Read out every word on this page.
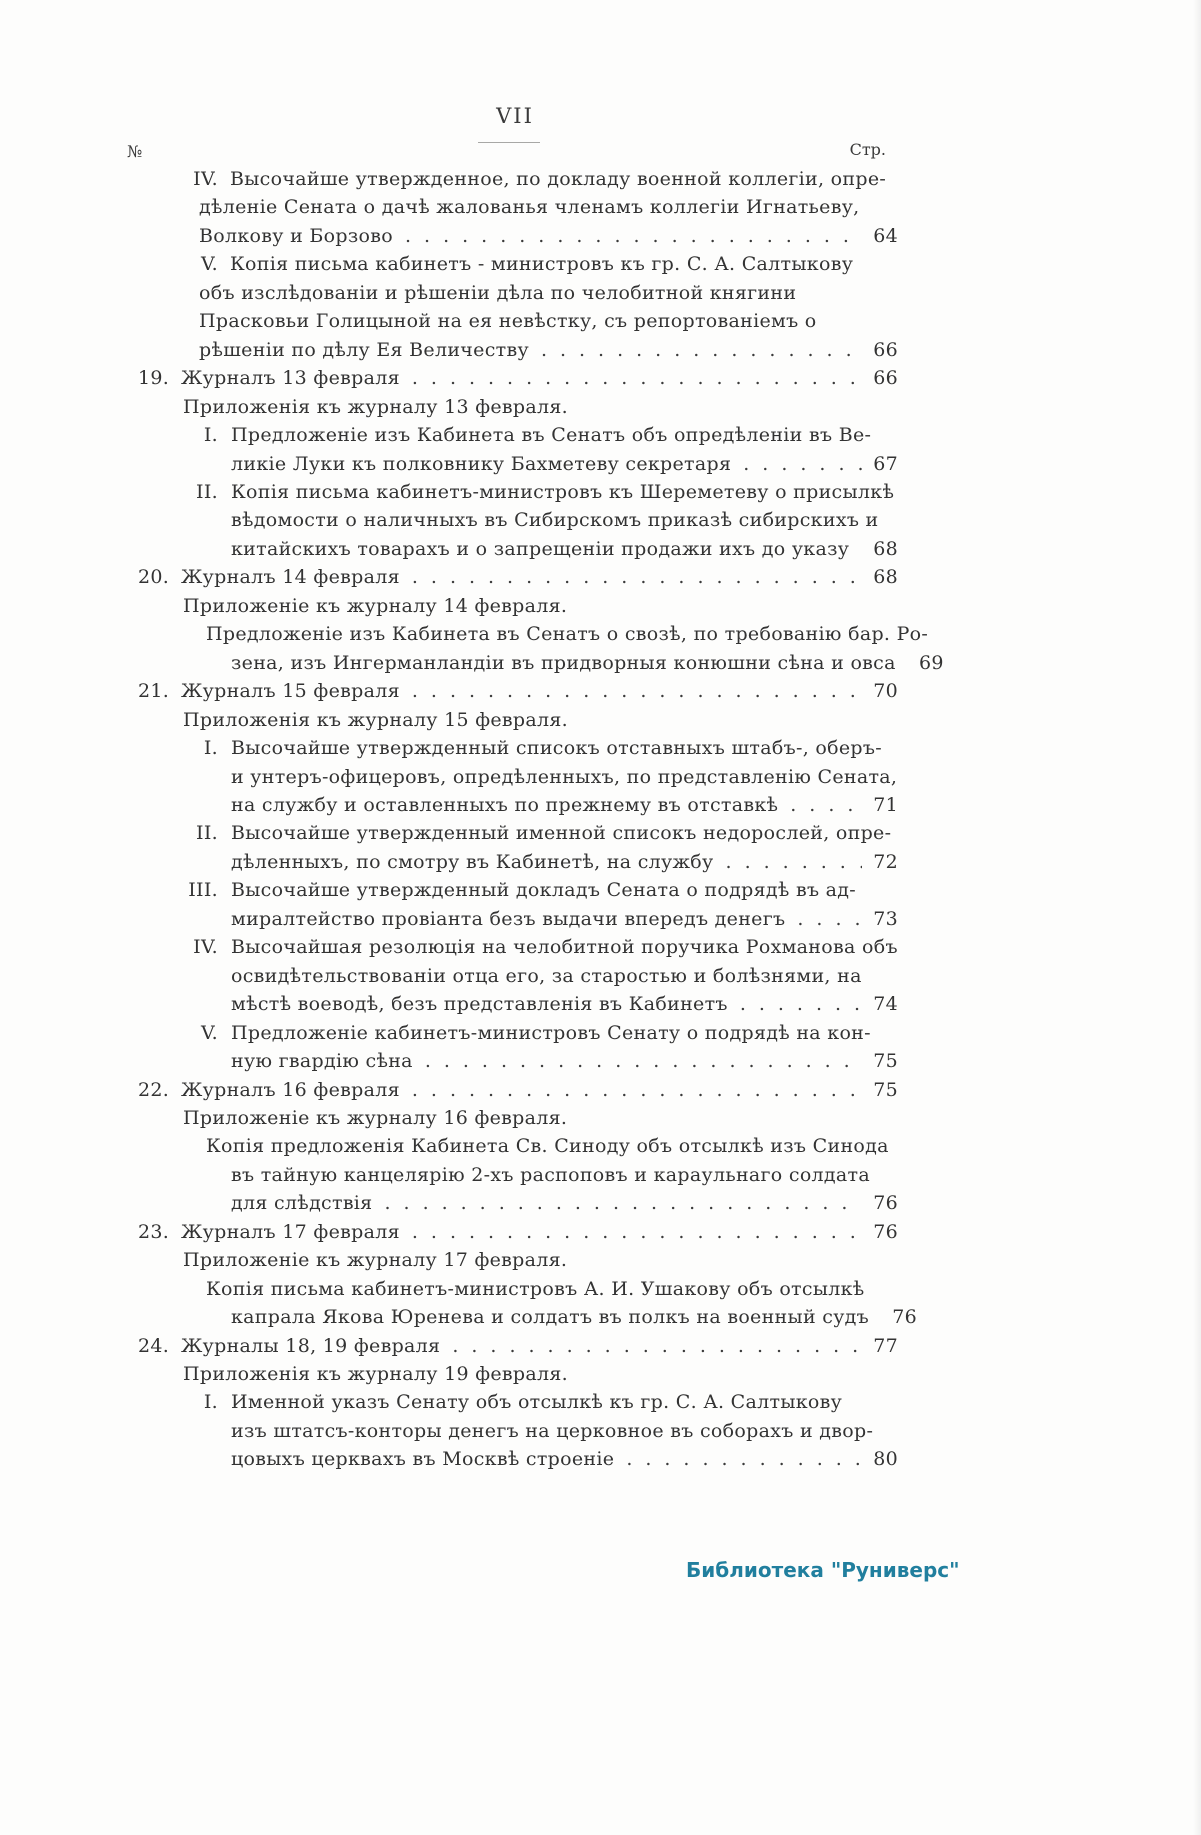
VII
№	Стр.
IV. Высочайше утвержденное, по докладу военной коллегіи, опре-
дѣленіе Сената о дачѣ жалованья членамъ коллегіи Игнатьеву,
Волкову и Борзово .....	64
V. Копія письма кабинетъ - министровъ къ гр. С. А. Салтыкову
объ изслѣдованіи и рѣшеніи дѣла по челобитной княгини
Прасковьи Голицыной на ея невѣстку, съ репортованіемъ о
рѣшеніи по дѣлу Ея Величеству .....	66
19. Журналъ 13 февраля .....	66
Приложенія къ журналу 13 февраля.
I. Предложеніе изъ Кабинета въ Сенатъ объ опредѣленіи въ Ве-
ликіе Луки къ полковнику Бахметеву секретаря .....	67
II. Копія письма кабинетъ-министровъ къ Шереметеву о присылкѣ
вѣдомости о наличныхъ въ Сибирскомъ приказѣ сибирскихъ и
китайскихъ товарахъ и о запрещеніи продажи ихъ до указу ..... 68
20. Журналъ 14 февраля .....	68
Приложеніе къ журналу 14 февраля.
Предложеніе изъ Кабинета въ Сенатъ о свозѣ, по требованію бар. Ро-
зена, изъ Ингерманландіи въ придворныя конюшни сѣна и овса 69
21. Журналъ 15 февраля .....	70
Приложенія къ журналу 15 февраля.
I. Высочайше утвержденный списокъ отставныхъ штабъ-, оберъ-
и унтеръ-офицеровъ, опредѣленныхъ, по представленію Сената,
на службу и оставленныхъ по прежнему въ отставкѣ .....	71
II. Высочайше утвержденный именной списокъ недорослей, опре-
дѣленныхъ, по смотру въ Кабинетѣ, на службу .....	72
III. Высочайше утвержденный докладъ Сената о подрядѣ въ ад-
миралтейство провіанта безъ выдачи впередъ денегъ .....	73
IV. Высочайшая резолюція на челобитной поручика Рохманова объ
освидѣтельствованіи отца его, за старостью и болѣзнями, на
мѣстѣ воеводѣ, безъ представленія въ Кабинетъ .....	74
V. Предложеніе кабинетъ-министровъ Сенату о подрядѣ на кон-
ную гвардію сѣна .....	75
22. Журналъ 16 февраля .....	75
Приложеніе къ журналу 16 февраля.
Копія предложенія Кабинета Св. Синоду объ отсылкѣ изъ Синода
въ тайную канцелярію 2-хъ распоповъ и караульнаго солдата
для слѣдствія .....	76
23. Журналъ 17 февраля .....	76
Приложеніе къ журналу 17 февраля.
Копія письма кабинетъ-министровъ А. И. Ушакову объ отсылкѣ
капрала Якова Юренева и солдатъ въ полкъ на военный судъ 76
24. Журналы 18, 19 февраля .....	77
Приложенія къ журналу 19 февраля.
I. Именной указъ Сенату объ отсылкѣ къ гр. С. А. Салтыкову
изъ штатсъ-конторы денегъ на церковное въ соборахъ и двор-
цовыхъ церквахъ въ Москвѣ строеніе .....	80
Библиотека "Руниверс"
